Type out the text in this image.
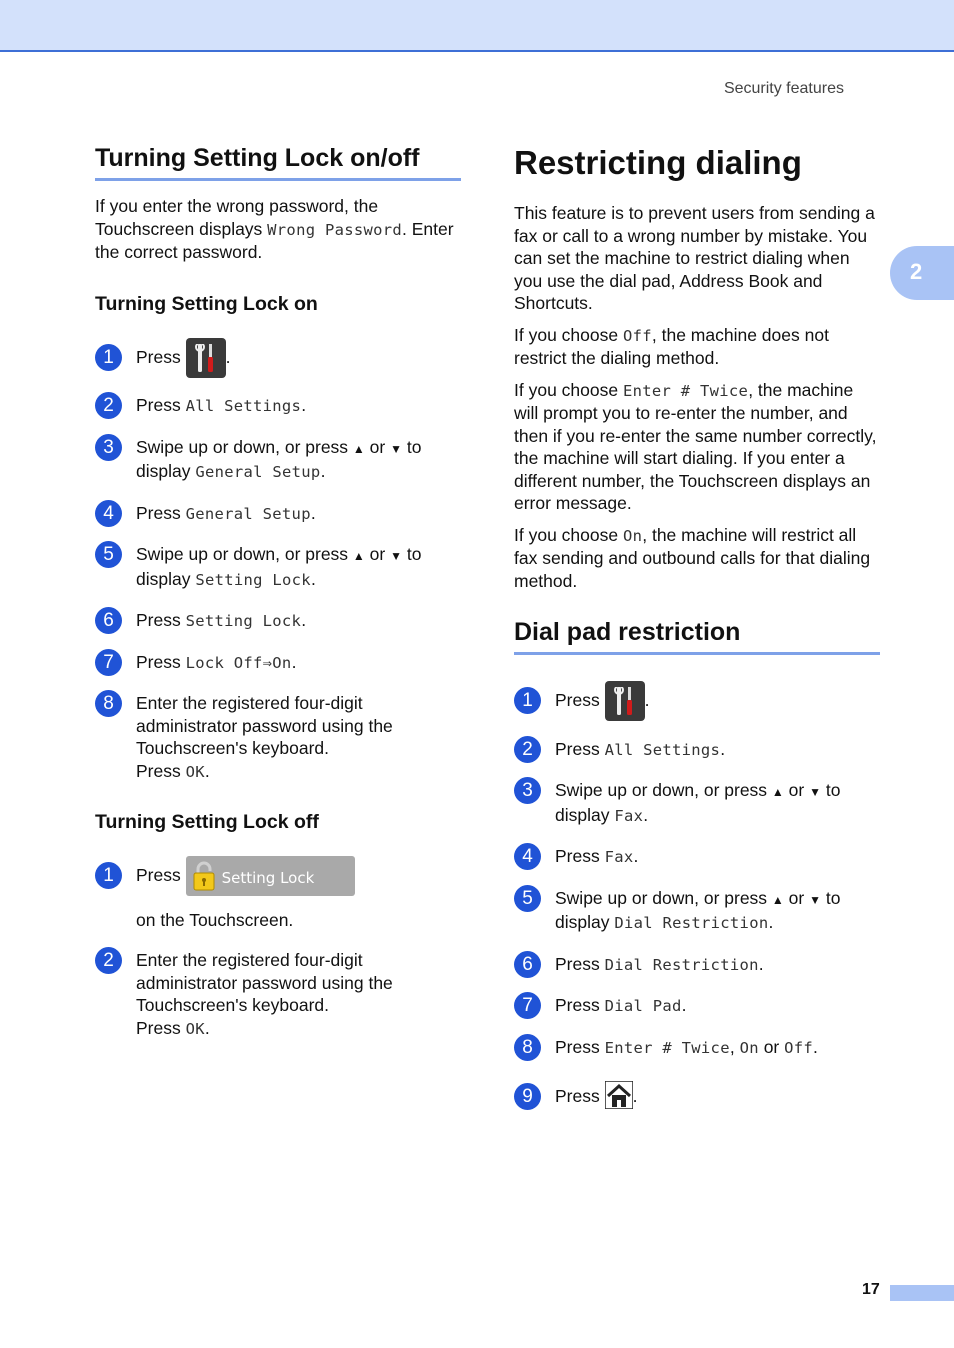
Security features
2
Turning Setting Lock on/off

If you enter the wrong password, the Touchscreen displays Wrong Password. Enter the correct password.

Turning Setting Lock on
1	Press
.
2	Press All Settings.
3	Swipe up or down, or press ▲ or ▼ to display General Setup.
4	Press General Setup.
5	Swipe up or down, or press ▲ or ▼ to display Setting Lock.
6	Press Setting Lock.
7	Press Lock Off⇒On.
8	Enter the registered four-digit administrator password using the Touchscreen's keyboard.
Press OK.
Turning Setting Lock off
1	Press Setting Lock
on the Touchscreen.
2	Enter the registered four-digit administrator password using the Touchscreen's keyboard.
Press OK.
Restricting dialing

This feature is to prevent users from sending a fax or call to a wrong number by mistake. You can set the machine to restrict dialing when you use the dial pad, Address Book and Shortcuts.

If you choose Off, the machine does not restrict the dialing method.

If you choose Enter # Twice, the machine will prompt you to re-enter the number, and then if you re-enter the same number correctly, the machine will start dialing. If you enter a different number, the Touchscreen displays an error message.

If you choose On, the machine will restrict all fax sending and outbound calls for that dialing method.

Dial pad restriction
1	Press
.
2	Press All Settings.
3	Swipe up or down, or press ▲ or ▼ to display Fax.
4	Press Fax.
5	Swipe up or down, or press ▲ or ▼ to display Dial Restriction.
6	Press Dial Restriction.
7	Press Dial Pad.
8	Press Enter # Twice, On or Off.
9	Press .
17
